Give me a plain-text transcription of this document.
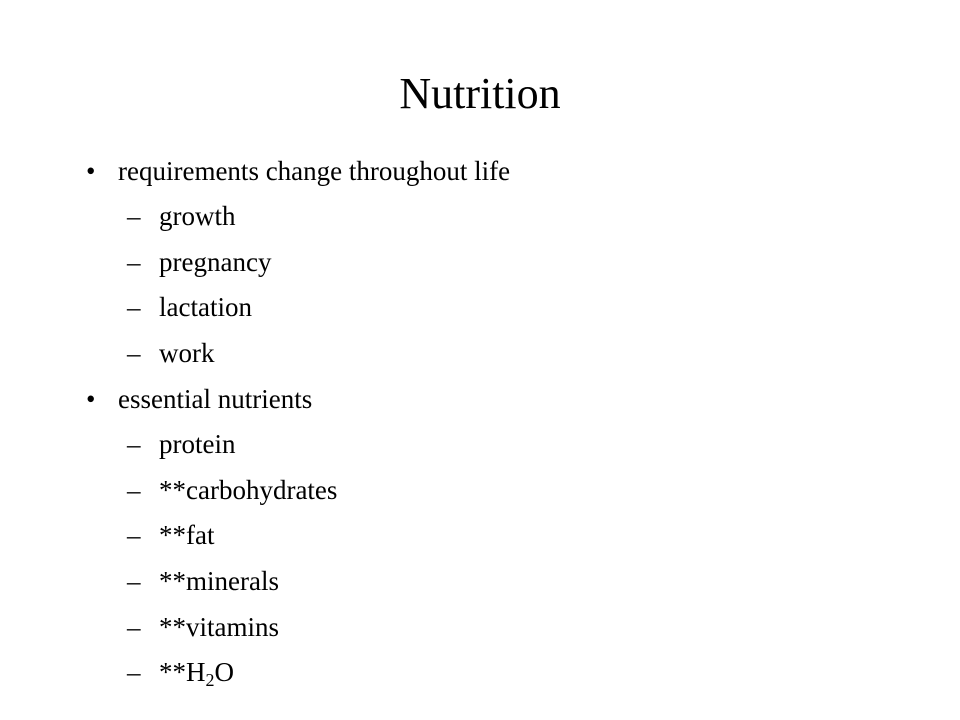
Nutrition
• requirements change throughout life
– growth
– pregnancy
– lactation
– work
• essential nutrients
– protein
– **carbohydrates
– **fat
– **minerals
– **vitamins
– $**H_2O$
